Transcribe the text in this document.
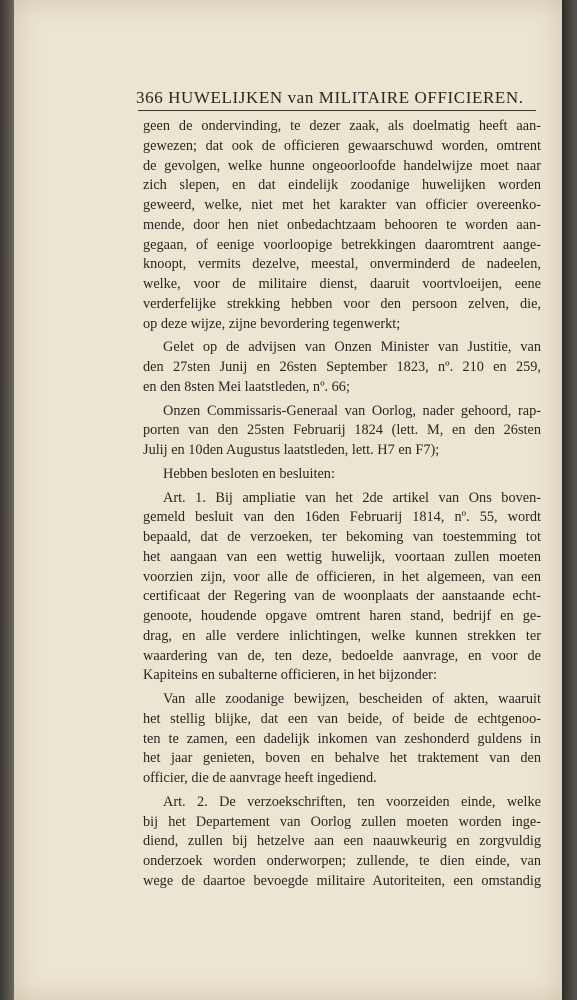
366 HUWELIJKEN van MILITAIRE OFFICIEREN.
geen de ondervinding, te dezer zaak, als doelmatig heeft aan-
gewezen; dat ook de officieren gewaarschuwd worden, omtrent
de gevolgen, welke hunne ongeoorloofde handelwijze moet naar
zich slepen, en dat eindelijk zoodanige huwelijken worden
geweerd, welke, niet met het karakter van officier overeenko-
mende, door hen niet onbedachtzaam behooren te worden aan-
gegaan, of eenige voorloopige betrekkingen daaromtrent aange-
knoopt, vermits dezelve, meestal, onverminderd de nadeelen,
welke, voor de militaire dienst, daaruit voortvloeijen, eene
verderfelijke strekking hebben voor den persoon zelven, die,
op deze wijze, zijne bevordering tegenwerkt;
Gelet op de advijsen van Onzen Minister van Justitie, van
den 27sten Junij en 26sten September 1823, nº. 210 en 259,
en den 8sten Mei laatstleden, nº. 66;
Onzen Commissaris-Generaal van Oorlog, nader gehoord, rap-
porten van den 25sten Februarij 1824 (lett. M, en den 26sten
Julij en 10den Augustus laatstleden, lett. H7 en F7);
Hebben besloten en besluiten:
Art. 1. Bij ampliatie van het 2de artikel van Ons boven-
gemeld besluit van den 16den Februarij 1814, nº. 55, wordt
bepaald, dat de verzoeken, ter bekoming van toestemming tot
het aangaan van een wettig huwelijk, voortaan zullen moeten
voorzien zijn, voor alle de officieren, in het algemeen, van een
certificaat der Regering van de woonplaats der aanstaande echt-
genoote, houdende opgave omtrent haren stand, bedrijf en ge-
drag, en alle verdere inlichtingen, welke kunnen strekken ter
waardering van de, ten deze, bedoelde aanvrage, en voor de
Kapiteins en subalterne officieren, in het bijzonder:
Van alle zoodanige bewijzen, bescheiden of akten, waaruit
het stellig blijke, dat een van beide, of beide de echtgenoo-
ten te zamen, een dadelijk inkomen van zeshonderd guldens in
het jaar genieten, boven en behalve het traktement van den
officier, die de aanvrage heeft ingediend.
Art. 2. De verzoekschriften, ten voorzeiden einde, welke
bij het Departement van Oorlog zullen moeten worden inge-
diend, zullen bij hetzelve aan een naauwkeurig en zorgvuldig
onderzoek worden onderworpen; zullende, te dien einde, van
wege de daartoe bevoegde militaire Autoriteiten, een omstandig
